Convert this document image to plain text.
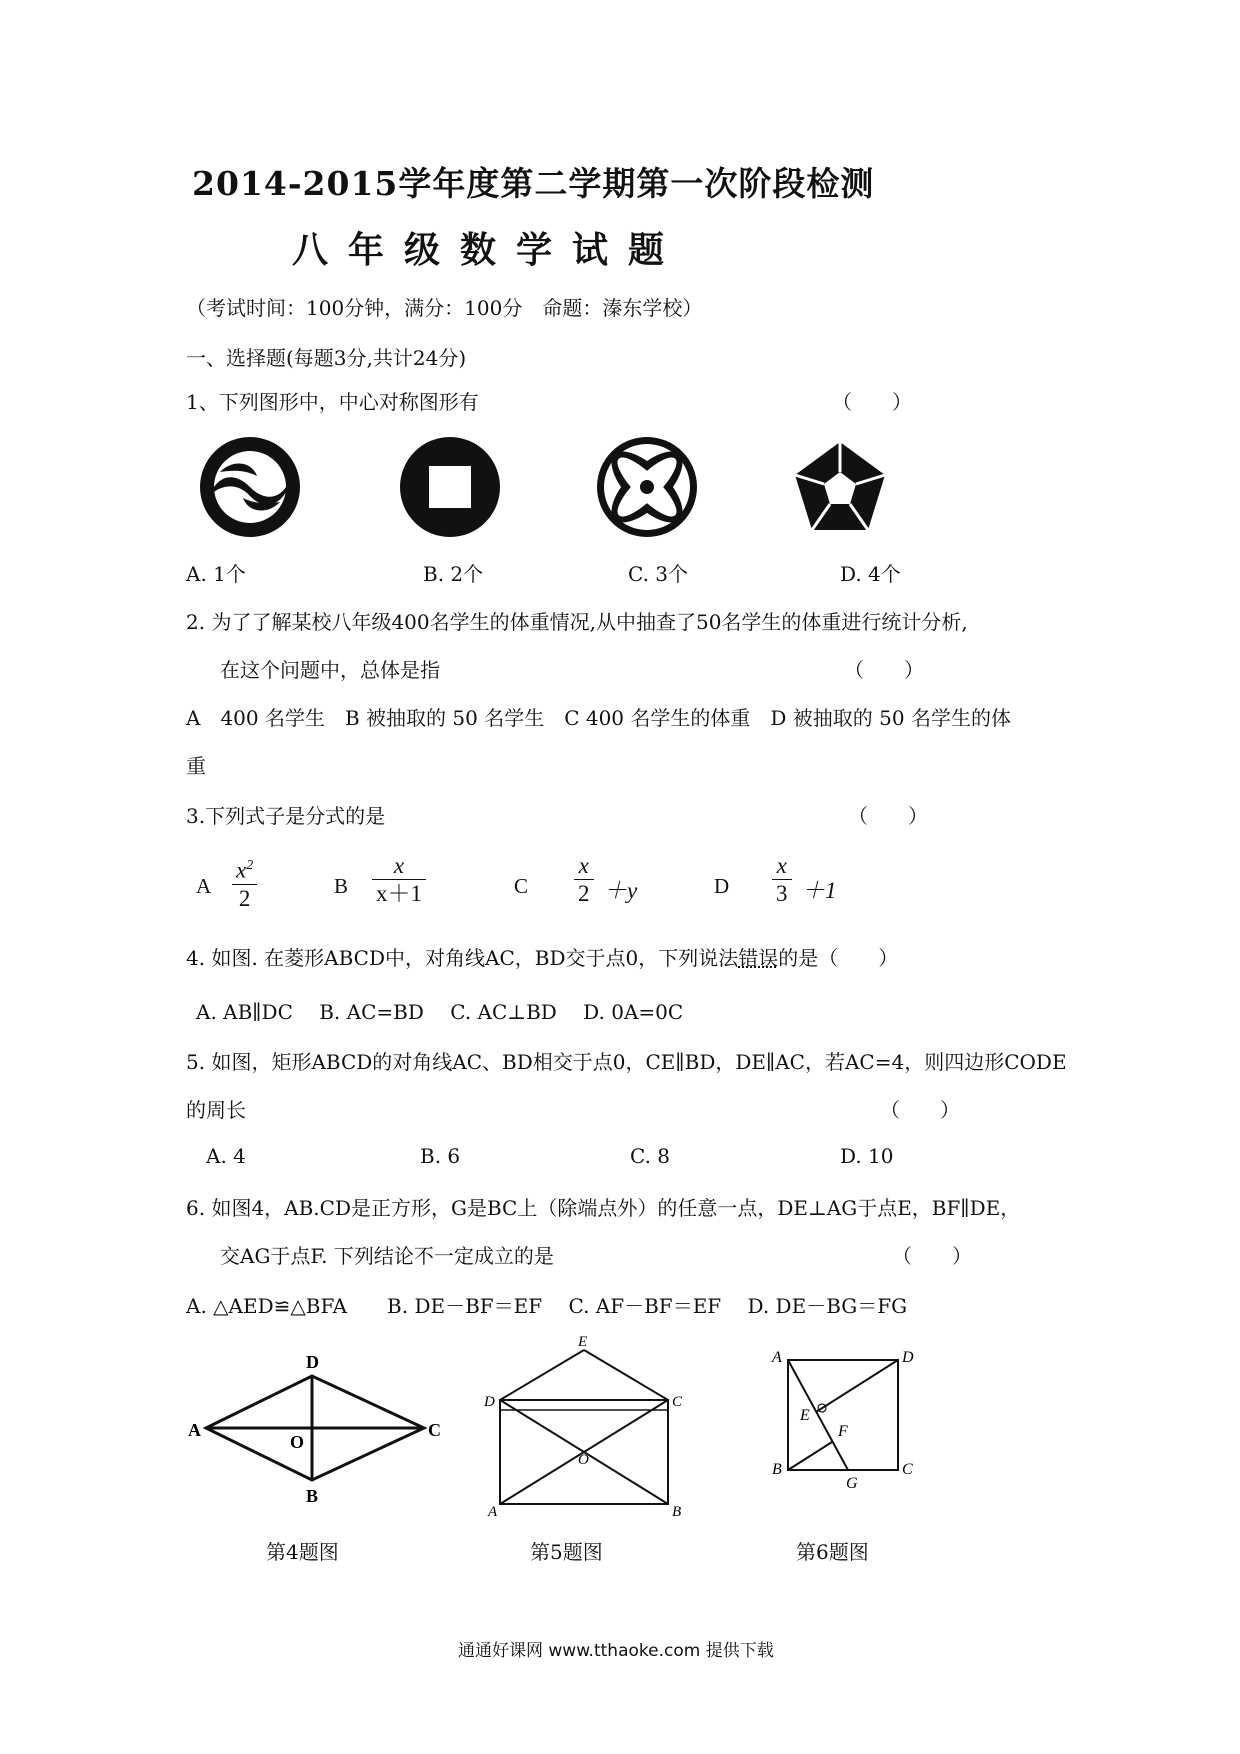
2014-2015学年度第二学期第一次阶段检测
八年级数学试题
（考试时间：100分钟，满分：100分　命题：溱东学校）
一、选择题(每题3分,共计24分)
1、下列图形中，中心对称图形有	（　　）
A. 1个	B. 2个	C. 3个	D. 4个
2. 为了了解某校八年级400名学生的体重情况,从中抽查了50名学生的体重进行统计分析,
在这个问题中，总体是指	（　　）
A　400 名学生　B 被抽取的 50 名学生　C 400 名学生的体重　D 被抽取的 50 名学生的体
重
3.下列式子是分式的是	（　　）
A $\frac{x^2}{2}$	B $\frac{x}{x+1}$	C $\frac{x}{2} +y$	D $\frac{x}{3} +1$
4. 如图. 在菱形ABCD中，对角线AC，BD交于点0，下列说法错误的是（　　）
A. AB∥DC　 B. AC=BD　 C. AC⊥BD　 D. 0A=0C
5. 如图，矩形ABCD的对角线AC、BD相交于点0，CE∥BD，DE∥AC，若AC=4，则四边形CODE
的周长	（　　）
A. 4	B. 6	C. 8	D. 10
6. 如图4，AB.CD是正方形，G是BC上（除端点外）的任意一点，DE⊥AG于点E，BF∥DE，
交AG于点F. 下列结论不一定成立的是	（　　）
A. △AED≌△BFA　　B. DE－BF＝EF　 C. AF－BF＝EF　 D. DE－BG＝FG
A
D
C
B
O
第4题图
E
D	C
A	B
O
第5题图
A	D
B	C
E
F
G
第6题图
通通好课网 www.tthaoke.com 提供下载
